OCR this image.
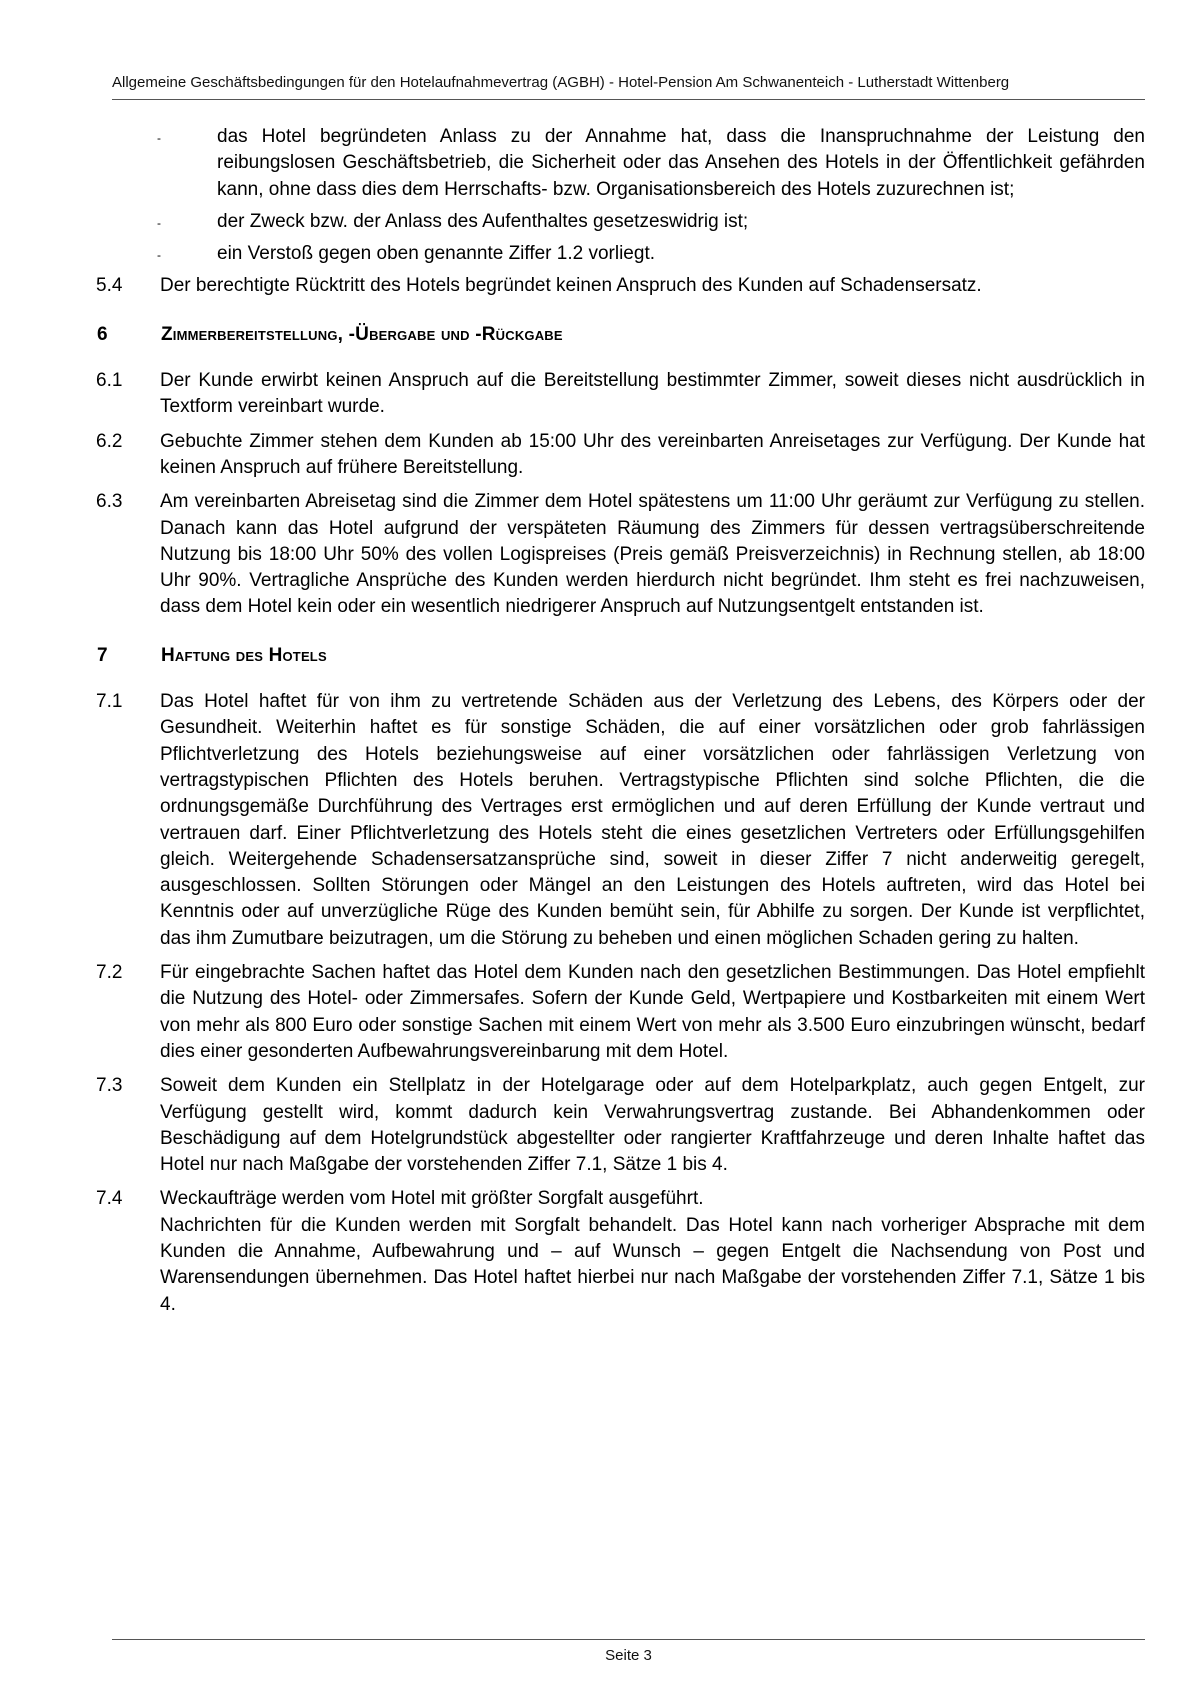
Allgemeine Geschäftsbedingungen für den Hotelaufnahmevertrag (AGBH) - Hotel-Pension Am Schwanenteich - Lutherstadt Wittenberg
-	das Hotel begründeten Anlass zu der Annahme hat, dass die Inanspruchnahme der Leistung den reibungslosen Geschäftsbetrieb, die Sicherheit oder das Ansehen des Hotels in der Öffentlichkeit gefährden kann, ohne dass dies dem Herrschafts- bzw. Organisationsbereich des Hotels zuzurechnen ist;
-	der Zweck bzw. der Anlass des Aufenthaltes gesetzeswidrig ist;
-	ein Verstoß gegen oben genannte Ziffer 1.2 vorliegt.
5.4	Der berechtigte Rücktritt des Hotels begründet keinen Anspruch des Kunden auf Schadensersatz.
6	Zimmerbereitstellung, -Übergabe und -Rückgabe
6.1	Der Kunde erwirbt keinen Anspruch auf die Bereitstellung bestimmter Zimmer, soweit dieses nicht ausdrücklich in Textform vereinbart wurde.
6.2	Gebuchte Zimmer stehen dem Kunden ab 15:00 Uhr des vereinbarten Anreisetages zur Verfügung. Der Kunde hat keinen Anspruch auf frühere Bereitstellung.
6.3	Am vereinbarten Abreisetag sind die Zimmer dem Hotel spätestens um 11:00 Uhr geräumt zur Verfügung zu stellen. Danach kann das Hotel aufgrund der verspäteten Räumung des Zimmers für dessen vertragsüberschreitende Nutzung bis 18:00 Uhr 50% des vollen Logispreises (Preis gemäß Preisverzeichnis) in Rechnung stellen, ab 18:00 Uhr 90%. Vertragliche Ansprüche des Kunden werden hierdurch nicht begründet. Ihm steht es frei nachzuweisen, dass dem Hotel kein oder ein wesentlich niedrigerer Anspruch auf Nutzungsentgelt entstanden ist.
7	Haftung des Hotels
7.1	Das Hotel haftet für von ihm zu vertretende Schäden aus der Verletzung des Lebens, des Körpers oder der Gesundheit. Weiterhin haftet es für sonstige Schäden, die auf einer vorsätzlichen oder grob fahrlässigen Pflichtverletzung des Hotels beziehungsweise auf einer vorsätzlichen oder fahrlässigen Verletzung von vertragstypischen Pflichten des Hotels beruhen. Vertragstypische Pflichten sind solche Pflichten, die die ordnungsgemäße Durchführung des Vertrages erst ermöglichen und auf deren Erfüllung der Kunde vertraut und vertrauen darf. Einer Pflichtverletzung des Hotels steht die eines gesetzlichen Vertreters oder Erfüllungsgehilfen gleich. Weitergehende Schadensersatzansprüche sind, soweit in dieser Ziffer 7 nicht anderweitig geregelt, ausgeschlossen. Sollten Störungen oder Mängel an den Leistungen des Hotels auftreten, wird das Hotel bei Kenntnis oder auf unverzügliche Rüge des Kunden bemüht sein, für Abhilfe zu sorgen. Der Kunde ist verpflichtet, das ihm Zumutbare beizutragen, um die Störung zu beheben und einen möglichen Schaden gering zu halten.
7.2	Für eingebrachte Sachen haftet das Hotel dem Kunden nach den gesetzlichen Bestimmungen. Das Hotel empfiehlt die Nutzung des Hotel- oder Zimmersafes. Sofern der Kunde Geld, Wertpapiere und Kostbarkeiten mit einem Wert von mehr als 800 Euro oder sonstige Sachen mit einem Wert von mehr als 3.500 Euro einzubringen wünscht, bedarf dies einer gesonderten Aufbewahrungsvereinbarung mit dem Hotel.
7.3	Soweit dem Kunden ein Stellplatz in der Hotelgarage oder auf dem Hotelparkplatz, auch gegen Entgelt, zur Verfügung gestellt wird, kommt dadurch kein Verwahrungsvertrag zustande. Bei Abhandenkommen oder Beschädigung auf dem Hotelgrundstück abgestellter oder rangierter Kraftfahrzeuge und deren Inhalte haftet das Hotel nur nach Maßgabe der vorstehenden Ziffer 7.1, Sätze 1 bis 4.
7.4	Weckaufträge werden vom Hotel mit größter Sorgfalt ausgeführt.
Nachrichten für die Kunden werden mit Sorgfalt behandelt. Das Hotel kann nach vorheriger Absprache mit dem Kunden die Annahme, Aufbewahrung und – auf Wunsch – gegen Entgelt die Nachsendung von Post und Warensendungen übernehmen. Das Hotel haftet hierbei nur nach Maßgabe der vorstehenden Ziffer 7.1, Sätze 1 bis 4.
Seite 3
